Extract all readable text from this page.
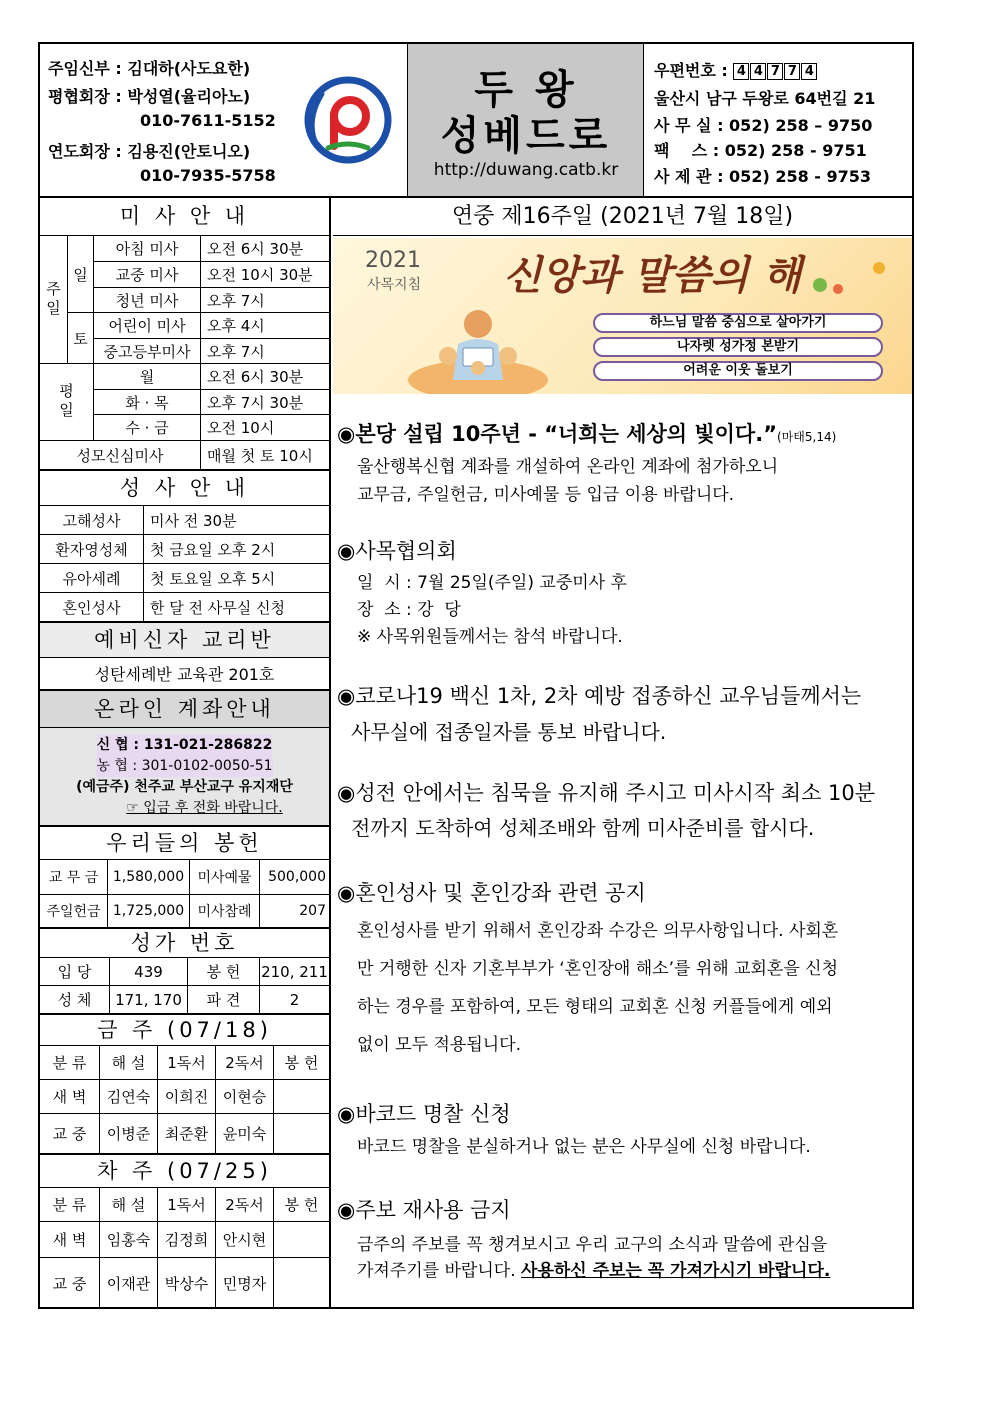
주임신부 : 김대하(사도요한)
평협회장 : 박성열(율리아노)
010-7611-5152
연도회장 : 김용진(안토니오)
010-7935-5758
두 왕
성베드로
http://duwang.catb.kr
우편번호 : 4 4 7 7 4
울산시 남구 두왕로 64번길 21
사 무 실 : 052) 258 – 9750
팩    스 : 052) 258 - 9751
사 제 관 : 052) 258 - 9753
미 사 안 내
주일
일
토
아침 미사	오전 6시 30분
교중 미사	오전 10시 30분
청년 미사	오후 7시
어린이 미사	오후 4시
중고등부미사	오후 7시
평일
월	오전 6시 30분
화 · 목	오후 7시 30분
수 · 금	오전 10시
성모신심미사	매월 첫 토 10시
성 사 안 내
고해성사	미사 전 30분
환자영성체	첫 금요일 오후 2시
유아세례	첫 토요일 오후 5시
혼인성사	한 달 전 사무실 신청
예비신자 교리반
성탄세례반 교육관 201호
온라인 계좌안내
신 협 : 131-021-286822
농 협 : 301-0102-0050-51
(예금주) 천주교 부산교구 유지재단
☞ 입금 후 전화 바랍니다.
우리들의 봉헌
교 무 금	1,580,000 미사예물	500,000
주일헌금 1,725,000 미사참례	207
성가 번호
입 당	439	봉 헌	210, 211
성 체	171, 170	파 견	2
금 주 (07/18)
분 류	해 설	1독서	2독서	봉 헌
새 벽	김연숙 이희진 이현승
교 중	이병준 최준환 윤미숙
차 주 (07/25)
분 류	해 설	1독서	2독서	봉 헌
새 벽	임홍숙 김정희 안시현
교 중	이재관 박상수 민명자
연중 제16주일 (2021년 7월 18일)
2021
사목지침 신앙과 말씀의 해
하느님 말씀 중심으로 살아가기
나자렛 성가정 본받기
어려운 이웃 돌보기
◉본당 설립 10주년 - “너희는 세상의 빛이다.”(마태5,14)
울산행복신협 계좌를 개설하여 온라인 계좌에 첨가하오니
교무금, 주일헌금, 미사예물 등 입금 이용 바랍니다.
◉사목협의회
일  시 : 7월 25일(주일) 교중미사 후
장  소 : 강  당
※ 사목위원들께서는 참석 바랍니다.
◉코로나19 백신 1차, 2차 예방 접종하신 교우님들께서는
사무실에 접종일자를 통보 바랍니다.
◉성전 안에서는 침묵을 유지해 주시고 미사시작 최소 10분
전까지 도착하여 성체조배와 함께 미사준비를 합시다.
◉혼인성사 및 혼인강좌 관련 공지
혼인성사를 받기 위해서 혼인강좌 수강은 의무사항입니다. 사회혼
만 거행한 신자 기혼부부가 ‘혼인장애 해소’를 위해 교회혼을 신청
하는 경우를 포함하여, 모든 형태의 교회혼 신청 커플들에게 예외
없이 모두 적용됩니다.
◉바코드 명찰 신청
바코드 명찰을 분실하거나 없는 분은 사무실에 신청 바랍니다.
◉주보 재사용 금지
금주의 주보를 꼭 챙겨보시고 우리 교구의 소식과 말씀에 관심을
가져주기를 바랍니다. 사용하신 주보는 꼭 가져가시기 바랍니다.
